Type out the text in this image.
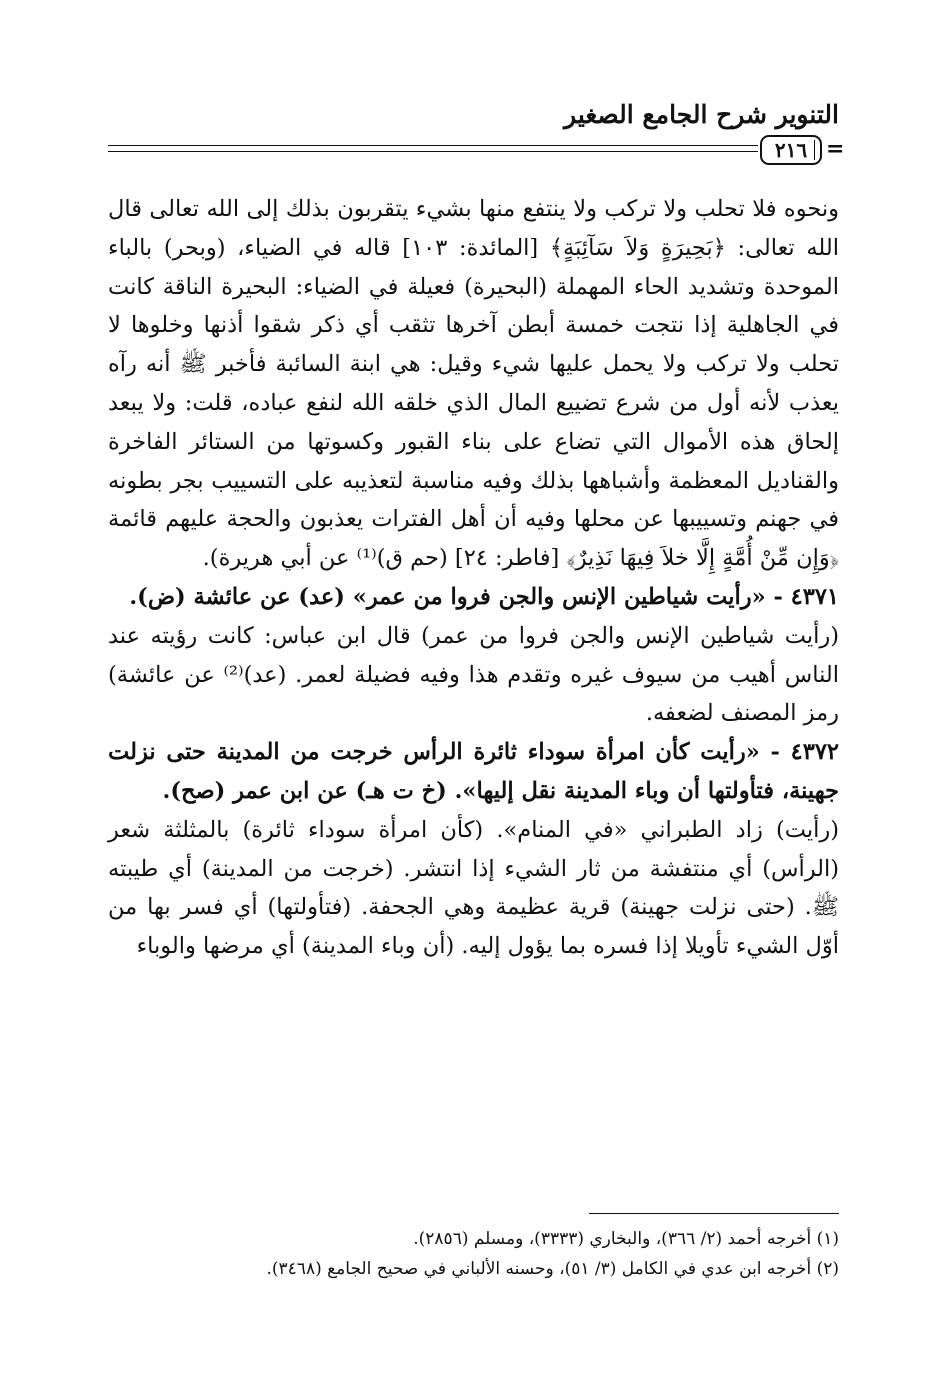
التنوير شرح الجامع الصغير
٢١٦ =

ونحوه فلا تحلب ولا تركب ولا ينتفع منها بشيء يتقربون بذلك إلى الله تعالى قال الله تعالى: ﴿بَحِيرَةٍ وَلاَ سَآئِبَةٍ﴾ [المائدة: ١٠٣] قاله في الضياء، (وبحر) بالباء الموحدة وتشديد الحاء المهملة (البحيرة) فعيلة في الضياء: البحيرة الناقة كانت في الجاهلية إذا نتجت خمسة أبطن آخرها تثقب أي ذكر شقوا أذنها وخلوها لا تحلب ولا تركب ولا يحمل عليها شيء وقيل: هي ابنة السائبة فأخبر ﷺ أنه رآه يعذب لأنه أول من شرع تضييع المال الذي خلقه الله لنفع عباده، قلت: ولا يبعد إلحاق هذه الأموال التي تضاع على بناء القبور وكسوتها من الستائر الفاخرة والقناديل المعظمة وأشباهها بذلك وفيه مناسبة لتعذيبه على التسييب بجر بطونه في جهنم وتسييبها عن محلها وفيه أن أهل الفترات يعذبون والحجة عليهم قائمة ﴿وَإِن مِّنْ أُمَّةٍ إِلَّا خلاَ فِيهَا نَذِيرٌ﴾ [فاطر: ٢٤] (حم ق)⁽¹⁾ عن أبي هريرة).

٤٣٧١ - «رأيت شياطين الإنس والجن فروا من عمر» (عد) عن عائشة (ض).

(رأيت شياطين الإنس والجن فروا من عمر) قال ابن عباس: كانت رؤيته عند الناس أهيب من سيوف غيره وتقدم هذا وفيه فضيلة لعمر. (عد)⁽²⁾ عن عائشة) رمز المصنف لضعفه.

٤٣٧٢ - «رأيت كأن امرأة سوداء ثائرة الرأس خرجت من المدينة حتى نزلت جهينة، فتأولتها أن وباء المدينة نقل إليها». (خ ت هـ) عن ابن عمر (صح).

(رأيت) زاد الطبراني «في المنام». (كأن امرأة سوداء ثائرة) بالمثلثة شعر (الرأس) أي منتفشة من ثار الشيء إذا انتشر. (خرجت من المدينة) أي طيبته ﷺ. (حتى نزلت جهينة) قرية عظيمة وهي الجحفة. (فتأولتها) أي فسر بها من أوّل الشيء تأويلا إذا فسره بما يؤول إليه. (أن وباء المدينة) أي مرضها والوباء

(١) أخرجه أحمد (٢/ ٣٦٦)، والبخاري (٣٣٣٣)، ومسلم (٢٨٥٦).

(٢) أخرجه ابن عدي في الكامل (٣/ ٥١)، وحسنه الألباني في صحيح الجامع (٣٤٦٨).
